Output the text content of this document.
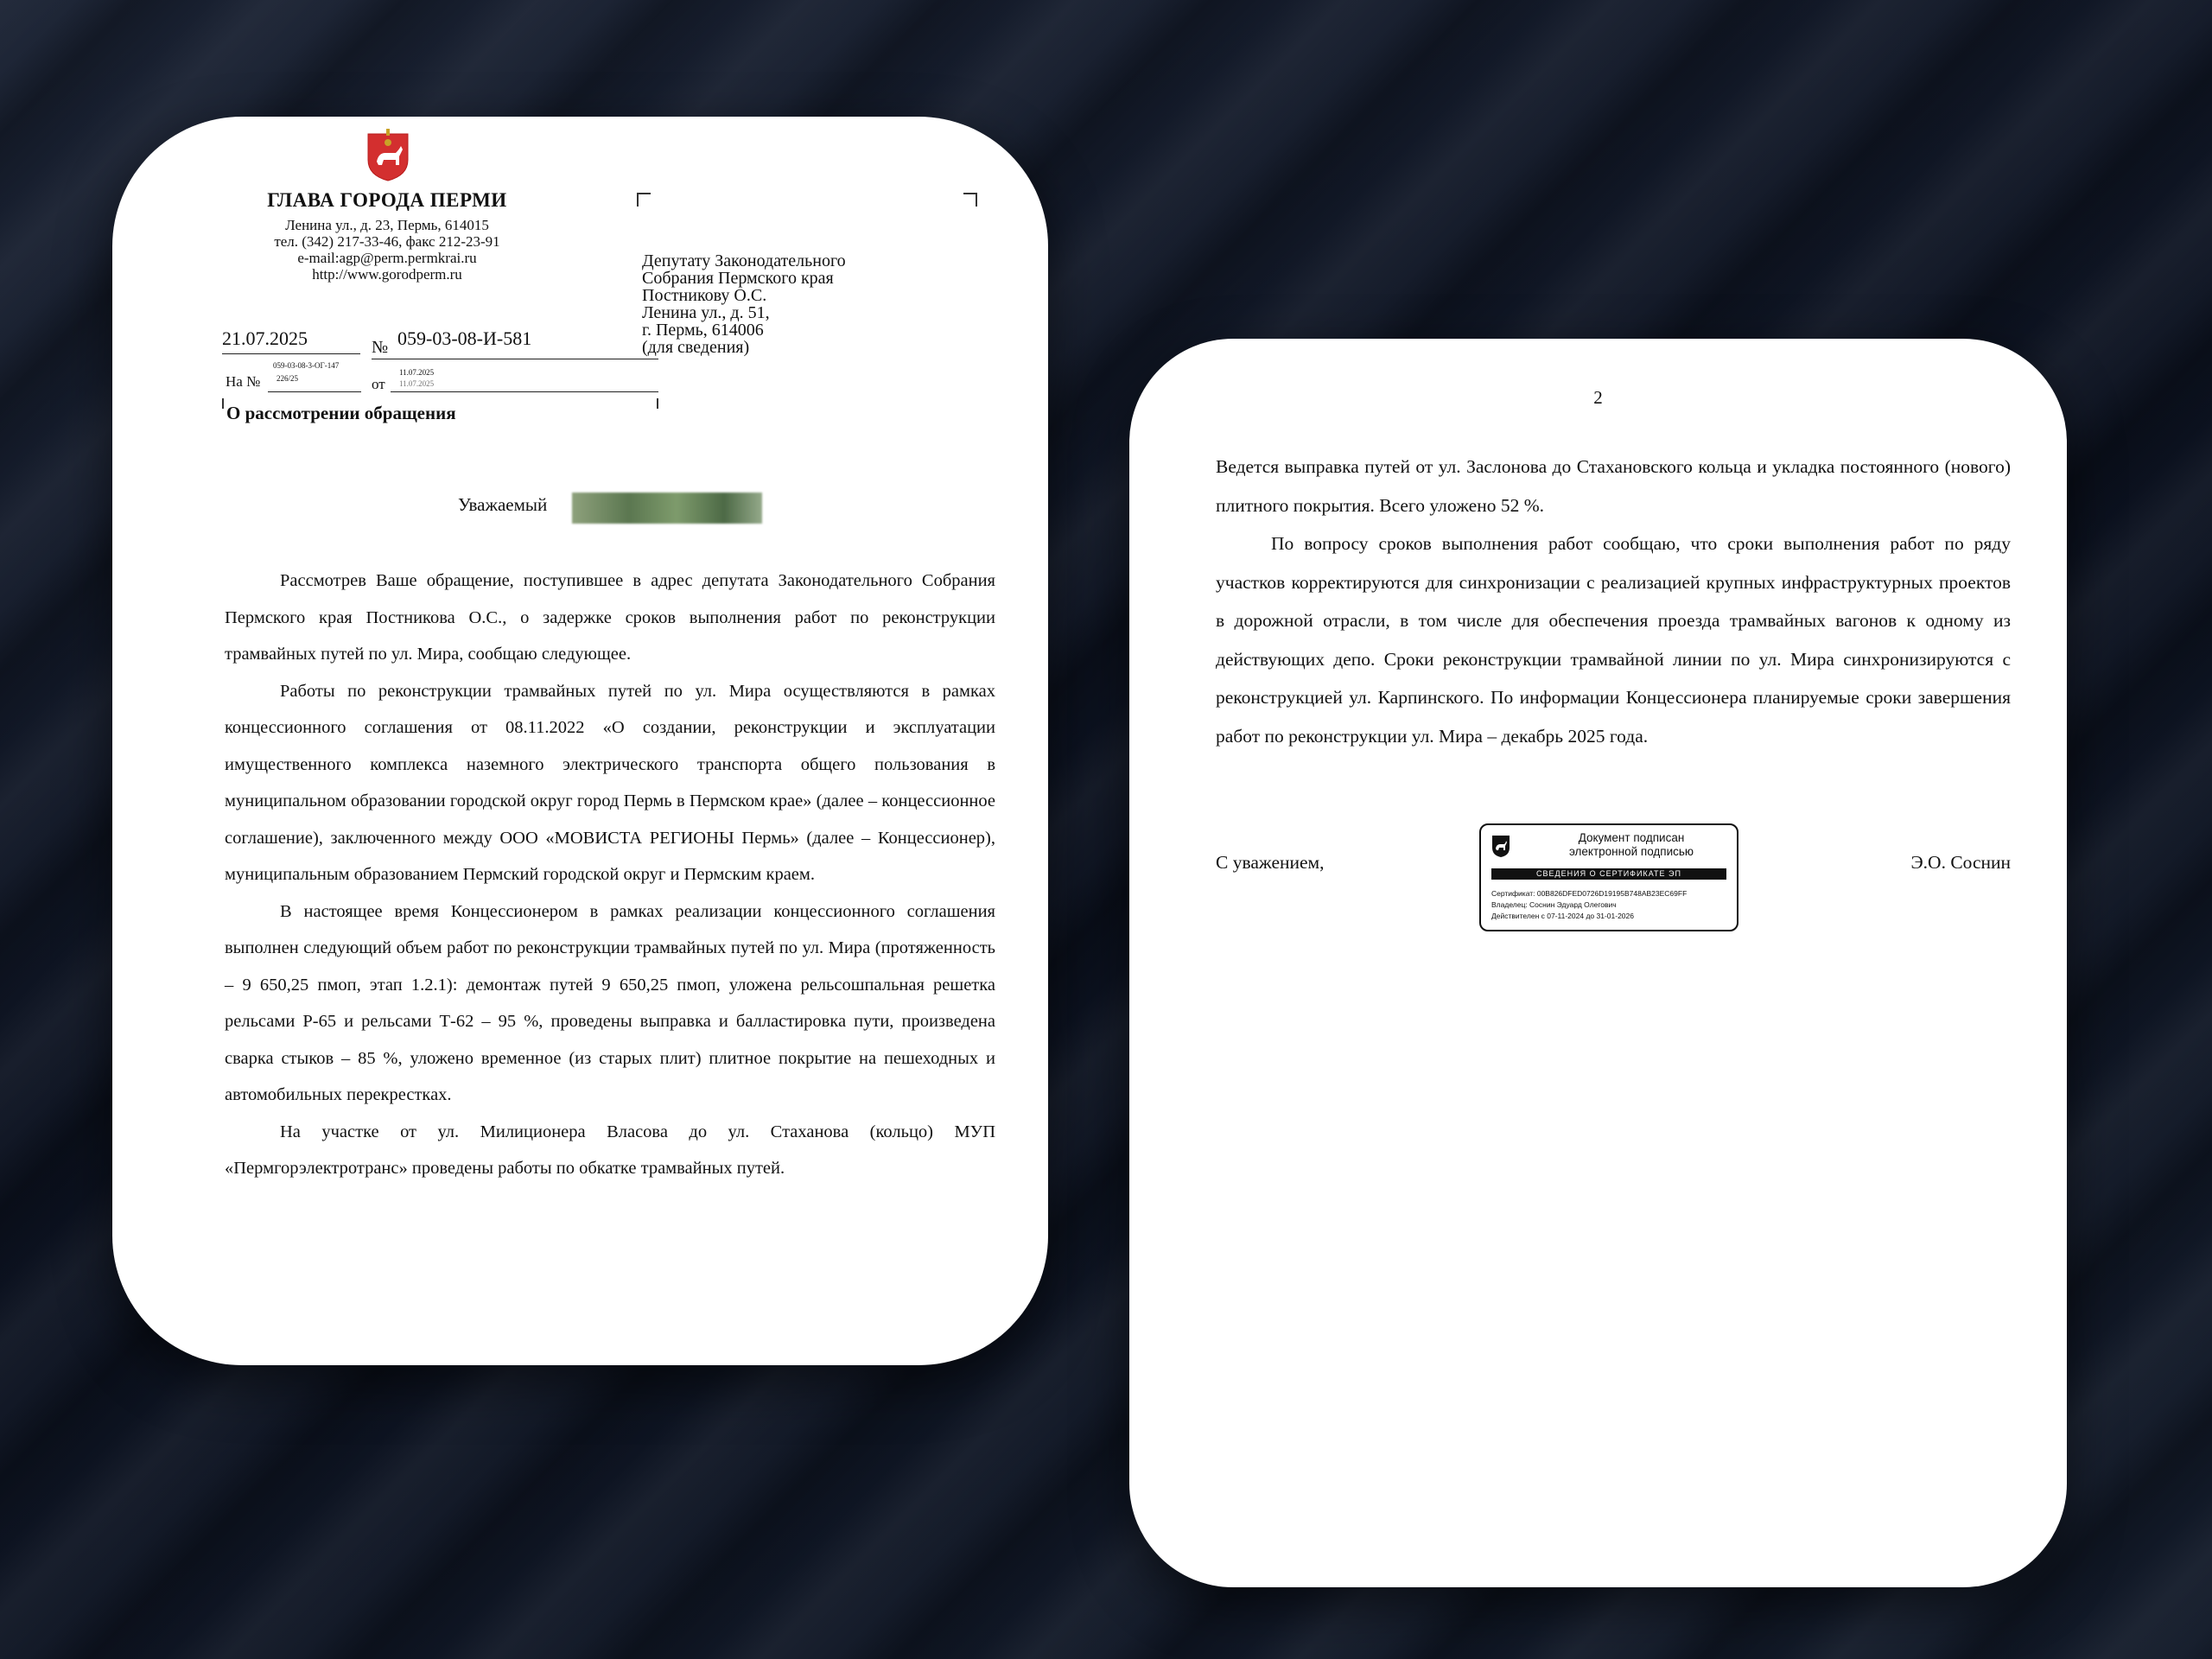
ГЛАВА ГОРОДА ПЕРМИ
Ленина ул., д. 23, Пермь, 614015
тел. (342) 217-33-46, факс 212-23-91
e-mail:agp@perm.permkrai.ru
http://www.gorodperm.ru
Депутату Законодательного
Собрания Пермского края
Постникову О.С.
Ленина ул., д. 51,
г. Пермь, 614006
(для сведения)
21.07.2025	№ 059-03-08-И-581
059-03-08-3-ОГ-147
226/25
На №	от
11.07.2025
11.07.2025
О рассмотрении обращения
Уважаемый

Рассмотрев Ваше обращение, поступившее в адрес депутата Законодательного Собрания Пермского края Постникова О.С., о задержке сроков выполнения работ по реконструкции трамвайных путей по ул. Мира, сообщаю следующее.

Работы по реконструкции трамвайных путей по ул. Мира осуществляются в рамках концессионного соглашения от 08.11.2022 «О создании, реконструкции и эксплуатации имущественного комплекса наземного электрического транспорта общего пользования в муниципальном образовании городской округ город Пермь в Пермском крае» (далее – концессионное соглашение), заключенного между ООО «МОВИСТА РЕГИОНЫ Пермь» (далее – Концессионер), муниципальным образованием Пермский городской округ и Пермским краем.

В настоящее время Концессионером в рамках реализации концессионного соглашения выполнен следующий объем работ по реконструкции трамвайных путей по ул. Мира (протяженность – 9 650,25 пмоп, этап 1.2.1): демонтаж путей 9 650,25 пмоп, уложена рельсошпальная решетка рельсами Р-65 и рельсами Т-62 – 95 %, проведены выправка и балластировка пути, произведена сварка стыков – 85 %, уложено временное (из старых плит) плитное покрытие на пешеходных и автомобильных перекрестках.

На участке от ул. Милиционера Власова до ул. Стаханова (кольцо) МУП «Пермгорэлектротранс» проведены работы по обкатке трамвайных путей.

2

Ведется выправка путей от ул. Заслонова до Стахановского кольца и укладка постоянного (нового) плитного покрытия. Всего уложено 52 %.

По вопросу сроков выполнения работ сообщаю, что сроки выполнения работ по ряду участков корректируются для синхронизации с реализацией крупных инфраструктурных проектов в дорожной отрасли, в том числе для обеспечения проезда трамвайных вагонов к одному из действующих депо. Сроки реконструкции трамвайной линии по ул. Мира синхронизируются с реконструкцией ул. Карпинского. По информации Концессионера планируемые сроки завершения работ по реконструкции ул. Мира – декабрь 2025 года.

С уважением,
Документ подписан
электронной подписью
СВЕДЕНИЯ О СЕРТИФИКАТЕ ЭП
Сертификат: 00B826DFED0726D19195B748AB23EC69FF
Владелец: Соснин Эдуард Олегович
Действителен с 07-11-2024 до 31-01-2026
Э.О. Соснин
